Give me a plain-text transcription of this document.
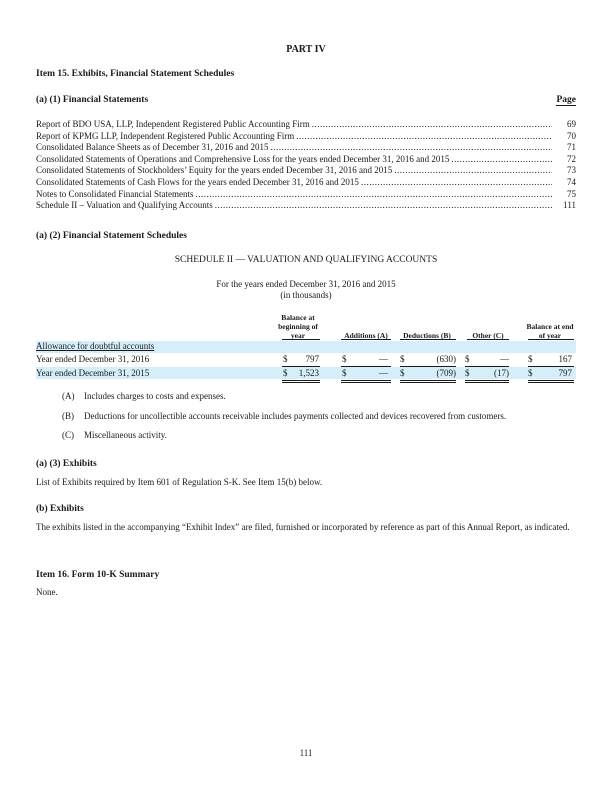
PART IV
Item 15. Exhibits, Financial Statement Schedules
(a) (1) Financial Statements	Page
Report of BDO USA, LLP, Independent Registered Public Accounting Firm .....	69
Report of KPMG LLP, Independent Registered Public Accounting Firm .....	70
Consolidated Balance Sheets as of December 31, 2016 and 2015 .....	71
Consolidated Statements of Operations and Comprehensive Loss for the years ended December 31, 2016 and 2015 .....	72
Consolidated Statements of Stockholders’ Equity for the years ended December 31, 2016 and 2015 .....	73
Consolidated Statements of Cash Flows for the years ended December 31, 2016 and 2015 .....	74
Notes to Consolidated Financial Statements .....	75
Schedule II – Valuation and Qualifying Accounts .....	111
(a) (2) Financial Statement Schedules
SCHEDULE II — VALUATION AND QUALIFYING ACCOUNTS
For the years ended December 31, 2016 and 2015
(in thousands)
Balance at beginning of year	Additions (A)	Deductions (B)	Other (C)
Balance at end of year
Allowance for doubtful accounts
Year ended December 31, 2016	$	797	$	— $	(630) $	— $	167
Year ended December 31, 2015	$	1,523	$	— $	(709) $	(17) $	797
(A) Includes charges to costs and expenses.
(B) Deductions for uncollectible accounts receivable includes payments collected and devices recovered from customers.
(C) Miscellaneous activity.
(a) (3) Exhibits
List of Exhibits required by Item 601 of Regulation S-K. See Item 15(b) below.
(b) Exhibits
The exhibits listed in the accompanying “Exhibit Index” are filed, furnished or incorporated by reference as part of this Annual Report, as indicated.
Item 16. Form 10-K Summary
None.
111
